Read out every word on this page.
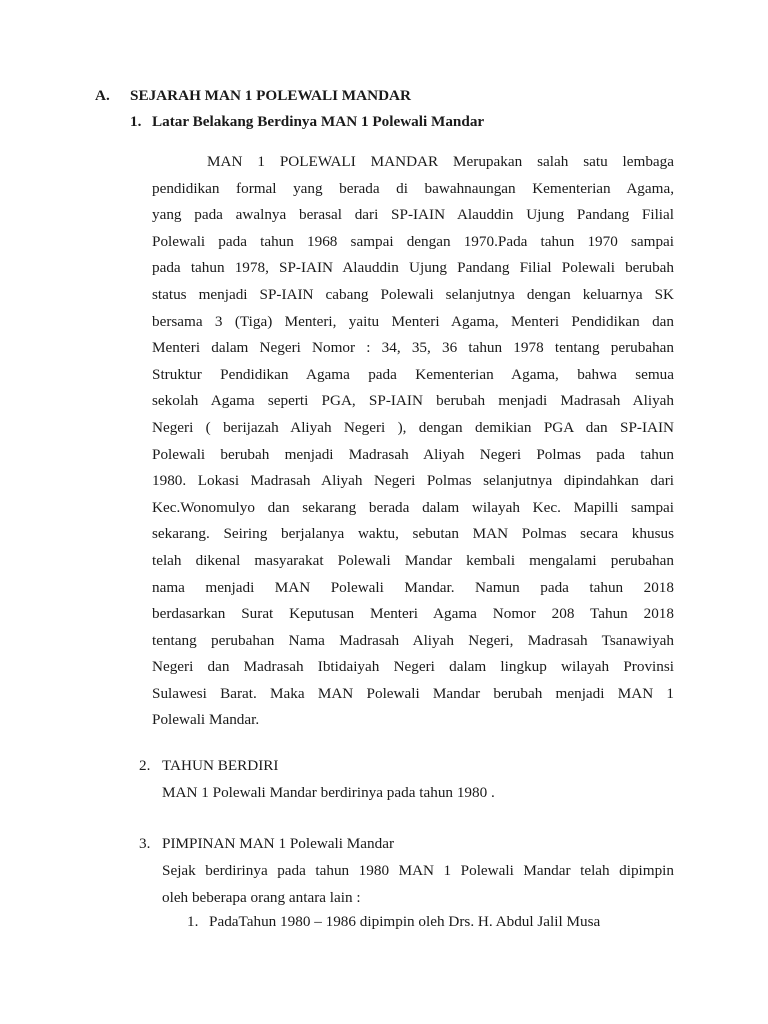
A. SEJARAH MAN 1 POLEWALI MANDAR
1. Latar Belakang Berdinya MAN 1 Polewali Mandar
MAN 1 POLEWALI MANDAR Merupakan salah satu lembaga
pendidikan formal yang berada di bawahnaungan Kementerian Agama,
yang pada awalnya berasal dari SP-IAIN Alauddin Ujung Pandang Filial
Polewali pada tahun 1968 sampai dengan 1970.Pada tahun 1970 sampai
pada tahun 1978, SP-IAIN Alauddin Ujung Pandang Filial Polewali berubah
status menjadi SP-IAIN cabang Polewali selanjutnya dengan keluarnya SK
bersama 3 (Tiga) Menteri, yaitu Menteri Agama, Menteri Pendidikan dan
Menteri dalam Negeri Nomor : 34, 35, 36 tahun 1978 tentang perubahan
Struktur Pendidikan Agama pada Kementerian Agama, bahwa semua
sekolah Agama seperti PGA, SP-IAIN berubah menjadi Madrasah Aliyah
Negeri ( berijazah Aliyah Negeri ), dengan demikian PGA dan SP-IAIN
Polewali berubah menjadi Madrasah Aliyah Negeri Polmas pada tahun
1980. Lokasi Madrasah Aliyah Negeri Polmas selanjutnya dipindahkan dari
Kec.Wonomulyo dan sekarang berada dalam wilayah Kec. Mapilli sampai
sekarang. Seiring berjalanya waktu, sebutan MAN Polmas secara khusus
telah dikenal masyarakat Polewali Mandar kembali mengalami perubahan
nama menjadi MAN Polewali Mandar. Namun pada tahun 2018
berdasarkan Surat Keputusan Menteri Agama Nomor 208 Tahun 2018
tentang perubahan Nama Madrasah Aliyah Negeri, Madrasah Tsanawiyah
Negeri dan Madrasah Ibtidaiyah Negeri dalam lingkup wilayah Provinsi
Sulawesi Barat. Maka MAN Polewali Mandar berubah menjadi MAN 1
Polewali Mandar.
2. TAHUN BERDIRI
MAN 1 Polewali Mandar berdirinya pada tahun 1980 .
3. PIMPINAN MAN 1 Polewali Mandar
Sejak berdirinya pada tahun 1980 MAN 1 Polewali Mandar telah dipimpin
oleh beberapa orang antara lain :
1. PadaTahun 1980 – 1986 dipimpin oleh Drs. H. Abdul Jalil Musa
